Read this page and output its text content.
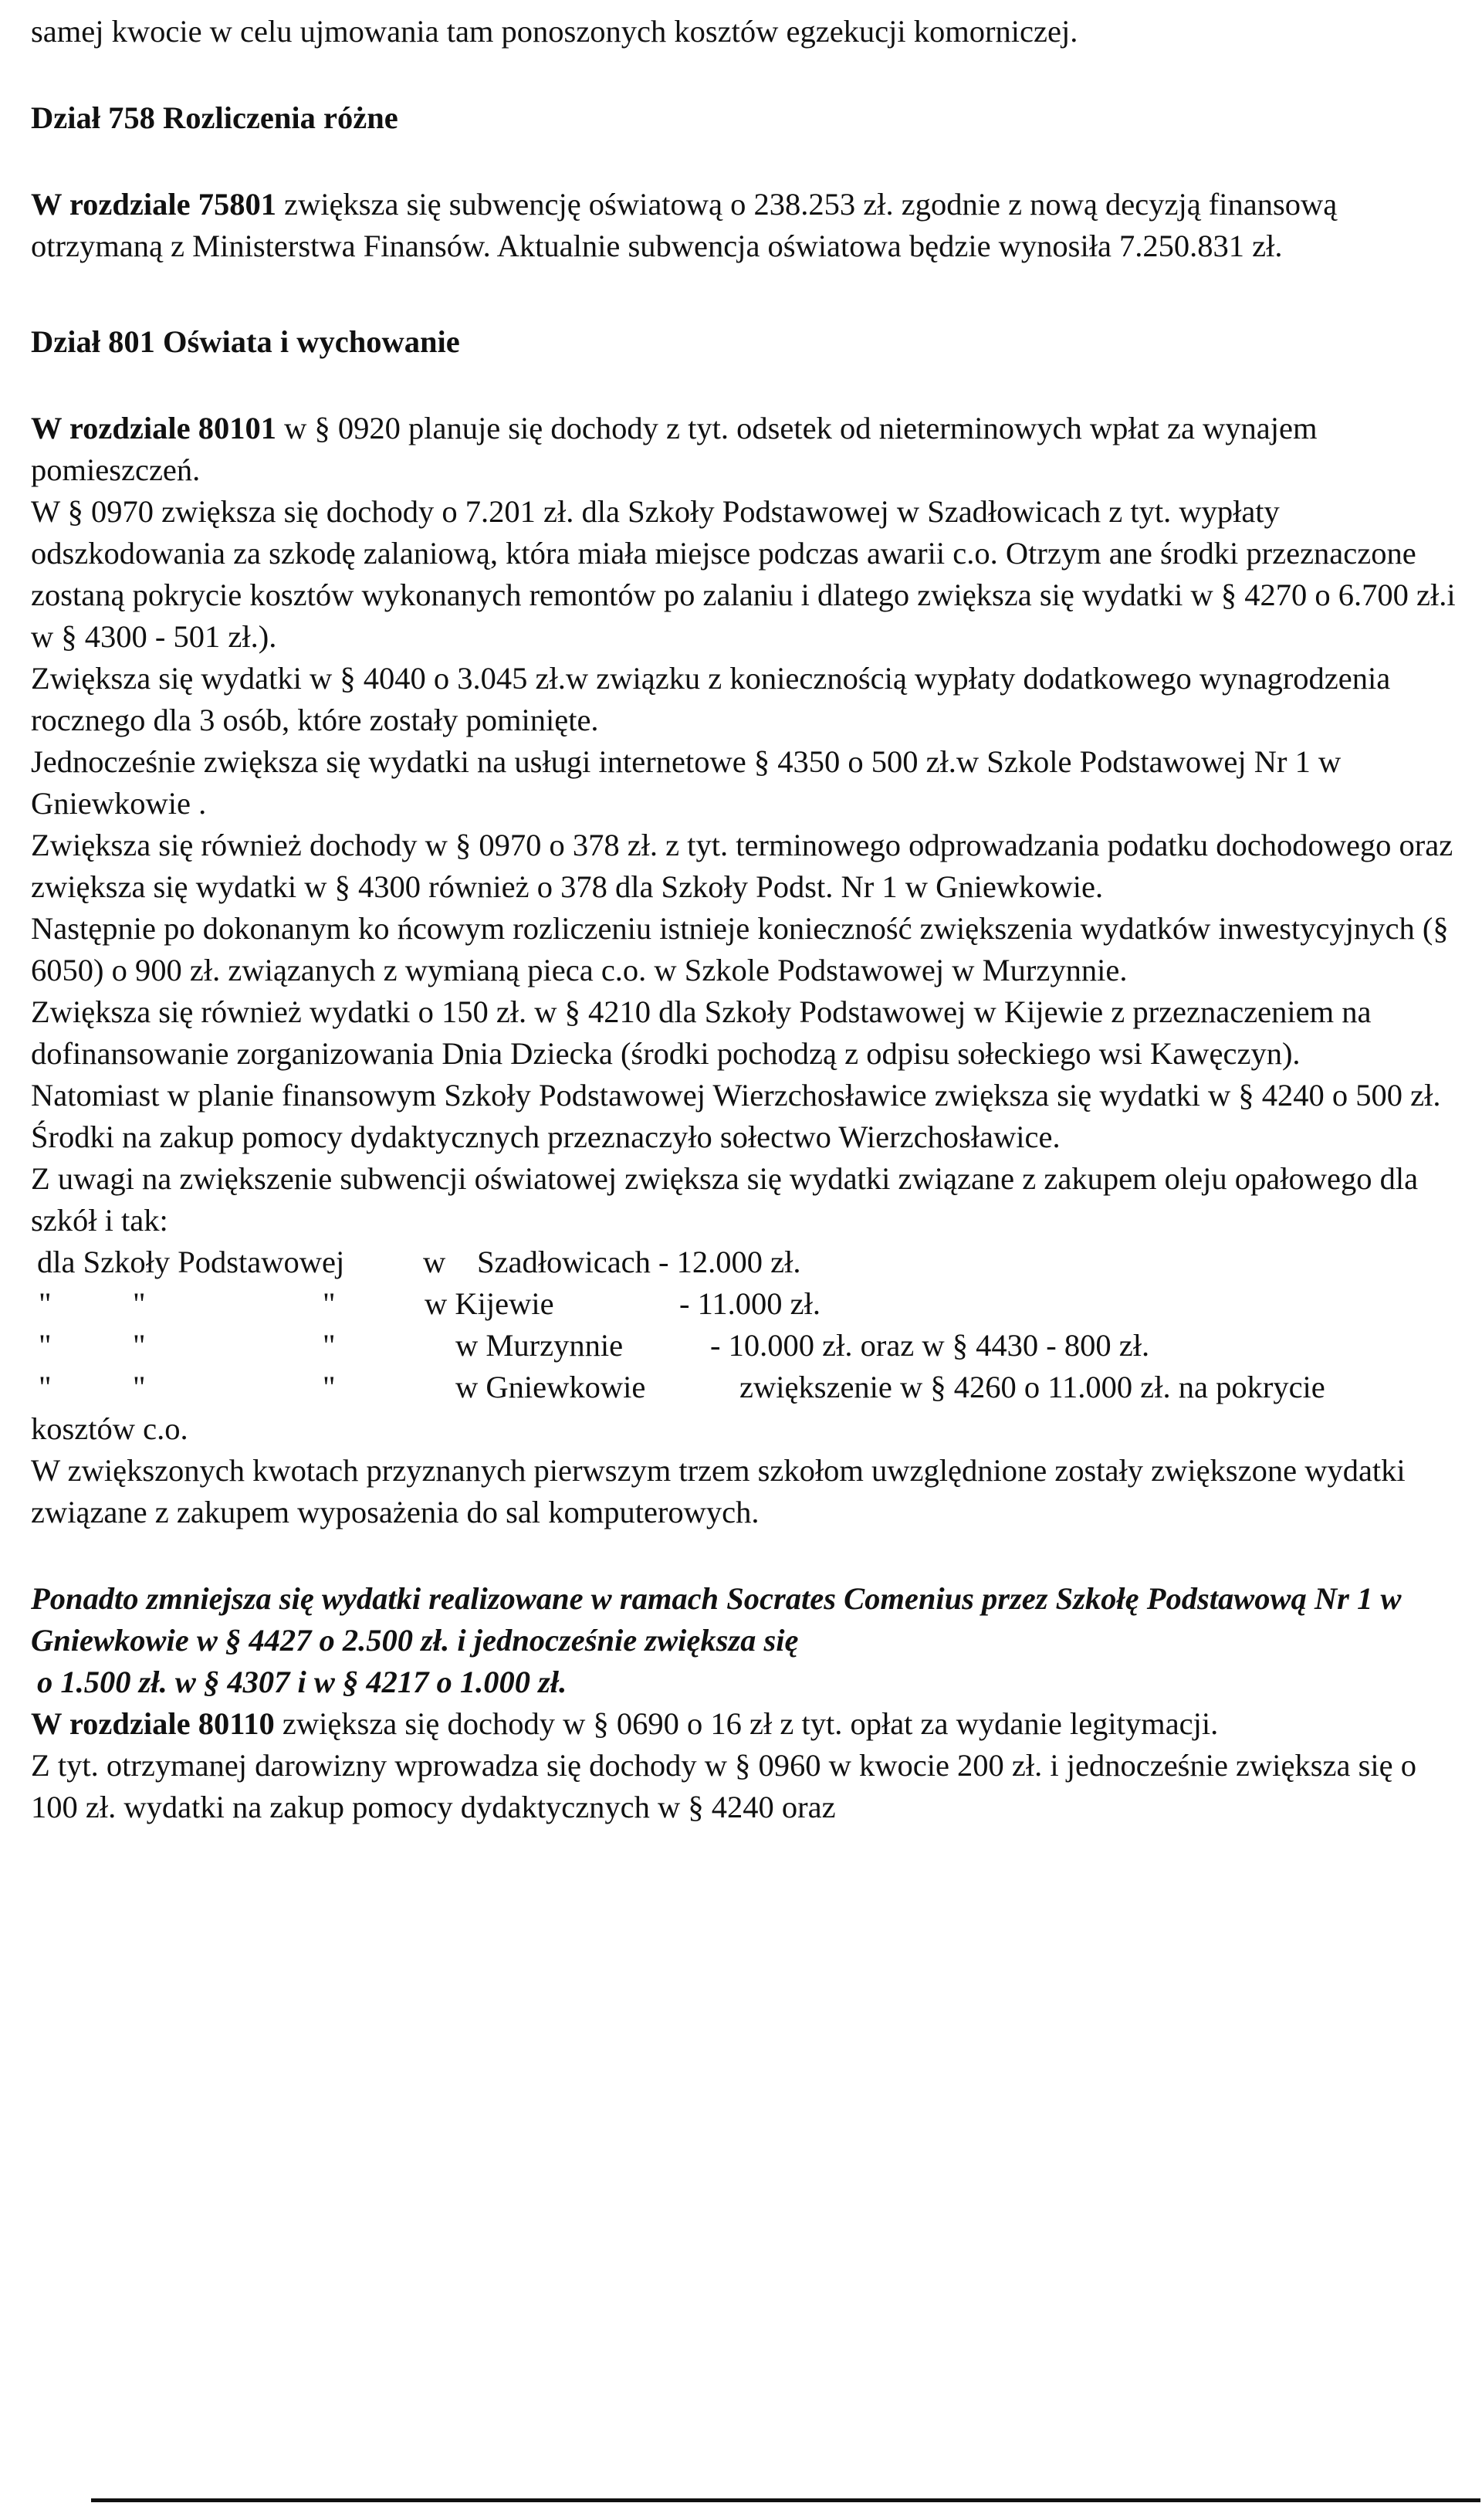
samej kwocie w celu ujmowania tam ponoszonych kosztów egzekucji komorniczej.

Dział 758 Rozliczenia różne

W rozdziale 75801 zwiększa się subwencję oświatową o 238.253 zł. zgodnie z nową decyzją finansową otrzymaną z Ministerstwa Finansów. Aktualnie subwencja oświatowa będzie wynosiła 7.250.831 zł.

Dział 801 Oświata i wychowanie

W rozdziale 80101 w § 0920 planuje się dochody z tyt. odsetek od nieterminowych wpłat za wynajem pomieszczeń.

W § 0970 zwiększa się dochody o 7.201 zł. dla Szkoły Podstawowej w Szadłowicach z tyt. wypłaty odszkodowania za szkodę zalaniową, która miała miejsce podczas awarii c.o. Otrzym ane środki przeznaczone zostaną pokrycie kosztów wykonanych remontów po zalaniu i dlatego zwiększa się wydatki w § 4270 o 6.700 zł.i w § 4300 - 501 zł.).

Zwiększa się wydatki w § 4040 o 3.045 zł.w związku z koniecznością wypłaty dodatkowego wynagrodzenia rocznego dla 3 osób, które zostały pominięte.

Jednocześnie zwiększa się wydatki na usługi internetowe § 4350 o 500 zł.w Szkole Podstawowej Nr 1 w Gniewkowie .

Zwiększa się również dochody w § 0970 o 378 zł. z tyt. terminowego odprowadzania podatku dochodowego oraz zwiększa się wydatki w § 4300 również o 378 dla Szkoły Podst. Nr 1 w Gniewkowie.

Następnie po dokonanym ko ńcowym rozliczeniu istnieje konieczność zwiększenia wydatków inwestycyjnych (§ 6050) o 900 zł. związanych z wymianą pieca c.o. w Szkole Podstawowej w Murzynnie.

Zwiększa się również wydatki o 150 zł. w § 4210 dla Szkoły Podstawowej w Kijewie z przeznaczeniem na dofinansowanie zorganizowania Dnia Dziecka (środki pochodzą z odpisu sołeckiego wsi Kawęczyn).

Natomiast w planie finansowym Szkoły Podstawowej Wierzchosławice zwiększa się wydatki w § 4240 o 500 zł. Środki na zakup pomocy dydaktycznych przeznaczyło sołectwo Wierzchosławice.

Z uwagi na zwiększenie subwencji oświatowej zwiększa się wydatki związane z zakupem oleju opałowego dla szkół i tak:

dla Szkoły Podstawowej	w Szadłowicach - 12.000 zł.
"	"	"	w Kijewie	- 11.000 zł.
"	"	"	w Murzynnie	- 10.000 zł. oraz w § 4430 - 800 zł.
"	"	"	w Gniewkowie	zwiększenie w § 4260 o 11.000 zł. na pokrycie

kosztów c.o.

W zwiększonych kwotach przyznanych pierwszym trzem szkołom uwzględnione zostały zwiększone wydatki związane z zakupem wyposażenia do sal komputerowych.

Ponadto zmniejsza się wydatki realizowane w ramach Socrates Comenius przez Szkołę Podstawową Nr 1 w Gniewkowie w § 4427 o 2.500 zł. i jednocześnie zwiększa się

o 1.500 zł. w § 4307 i w § 4217 o 1.000 zł.

W rozdziale 80110 zwiększa się dochody w § 0690 o 16 zł z tyt. opłat za wydanie legitymacji.

Z tyt. otrzymanej darowizny wprowadza się dochody w § 0960 w kwocie 200 zł. i jednocześnie zwiększa się o 100 zł. wydatki na zakup pomocy dydaktycznych w § 4240 oraz
